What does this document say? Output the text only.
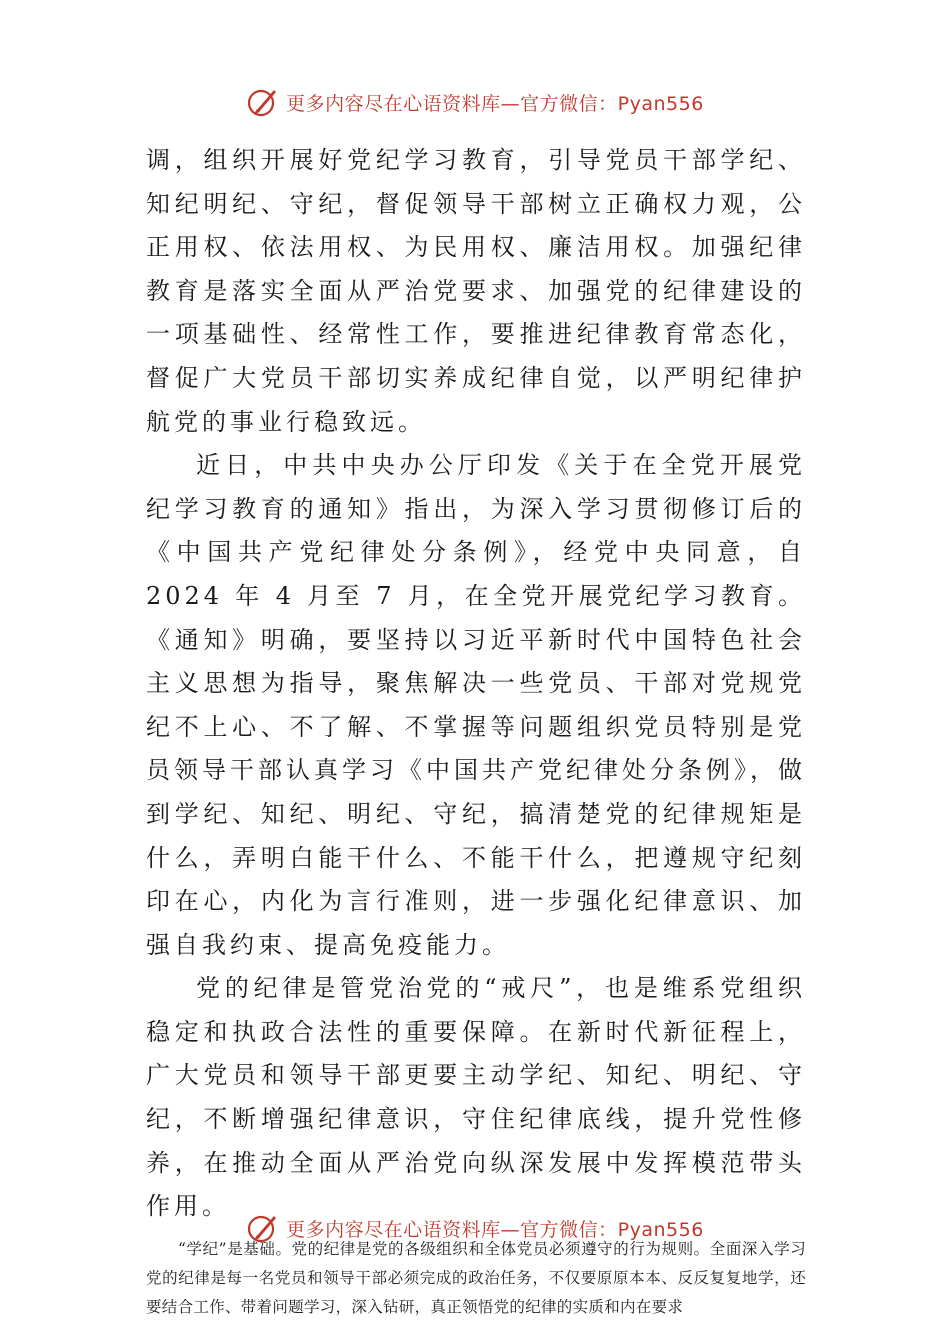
更多内容尽在心语资料库—官方微信：Pyan556

调，组织开展好党纪学习教育，引导党员干部学纪、知纪明纪、守纪，督促领导干部树立正确权力观，公正用权、依法用权、为民用权、廉洁用权。加强纪律教育是落实全面从严治党要求、加强党的纪律建设的一项基础性、经常性工作，要推进纪律教育常态化，督促广大党员干部切实养成纪律自觉，以严明纪律护航党的事业行稳致远。

近日，中共中央办公厅印发《关于在全党开展党纪学习教育的通知》指出，为深入学习贯彻修订后的《中国共产党纪律处分条例》，经党中央同意，自 2024 年 4 月至 7 月，在全党开展党纪学习教育。《通知》明确，要坚持以习近平新时代中国特色社会主义思想为指导，聚焦解决一些党员、干部对党规党纪不上心、不了解、不掌握等问题组织党员特别是党员领导干部认真学习《中国共产党纪律处分条例》，做到学纪、知纪、明纪、守纪，搞清楚党的纪律规矩是什么，弄明白能干什么、不能干什么，把遵规守纪刻印在心，内化为言行准则，进一步强化纪律意识、加强自我约束、提高免疫能力。

党的纪律是管党治党的“戒尺”，也是维系党组织稳定和执政合法性的重要保障。在新时代新征程上，广大党员和领导干部更要主动学纪、知纪、明纪、守纪，不断增强纪律意识，守住纪律底线，提升党性修养，在推动全面从严治党向纵深发展中发挥模范带头作用。

“学纪”是基础。党的纪律是党的各级组织和全体党员必须遵守的行为规则。全面深入学习党的纪律是每一名党员和领导干部必须完成的政治任务，不仅要原原本本、反反复复地学，还要结合工作、带着问题学习，深入钻研，真正领悟党的纪律的实质和内在要求

更多内容尽在心语资料库—官方微信：Pyan556
